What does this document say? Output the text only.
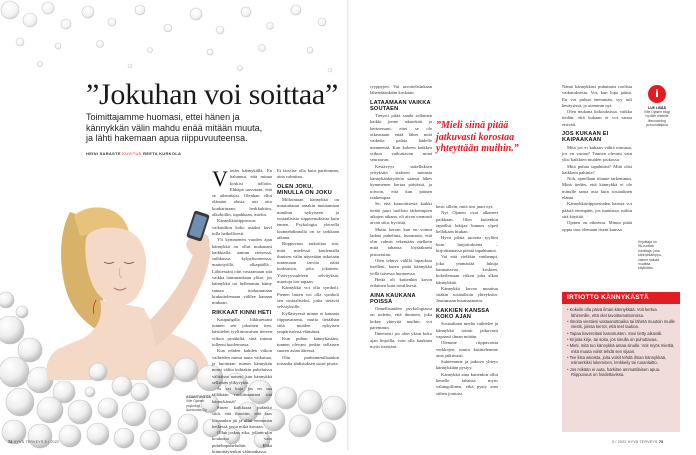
”Jokuhan voi soittaa”
Toimittajamme huomasi, ettei hänen ja kännykkän välin mahdu enää mitään muuta, ja lähti hakemaan apua riippuvuuteensa.
HEINI SARASTE KUVITUS REETA KURKOLA

Vietän kännykällä. En halunnut, että minua koskisi tollotin. Ehkäpä uuvutaan, että se aiheuttaisi. Olenhan ollut elämäni alusta asti aito konkarinaan: herkkuhiiru, alkohollin, tupakkaan, mielin.

Kännykkäriippuvuus vaikuttikin koko asiaksi kuvl tulla hetkellisesti.

Yli kymmenen vuoden ajan kännykkä on ollut mukanani kaikkialla: aamun eteisessä, suihkussa, kylpyhuoneessa, mattotyöllä, olkapäällä... Lähtiessäni otin vastaamaan sitä vaikka laimmankaan ylitse, jos kännykkä tai hellemmin kämy saman tuokutuntaan kiukuttelemaan välilee kanaan mukaan.

RIKKAAT KINNI HETI

Kaupungilla liikkuessani tunnen sen jokainen tien, käsittelen tyyliinvaraisen tieteen viikon pysäkiltä, sinä minun tulleeni kuolemassa.

Kun tehden kahden viikon vaiheiden minut tauta vaikuttaa, ja huomaan minun kännykän nousi väliin kohtakin puheluissa välttäisin naisen, kun kännykkä sellaisen ylikyvyksi.

Ja vai koja jos en saa tälläkään ruokittuuntani sitä kännykänsä?

Sitten kaikkiaaa pidänkö siitä, että ilmoitin, että taas tosiaankin jäi ja ollut enemmän hetkessä jossa mikä kuvaan.

Ollaa joskus aika, jolloin olin koukussa vain puhelinpuheluihin. Ehkä kiinnittäytenkin välimatkassa.

Et tarvitse olla kuin parittoman, aina valmiina.

OLEN JOKU, MINULLA ON JOKU

Millointaan kännykkä on muututtanut ainakin muutamaan muuhun nykyiseen ja sosiaalisista riippuvuuksista kuin ennen. Psykologin yleisellä luonnehdinnolla on se tarkkaan aikana.

Riippuvuus tarkoittaa sitä, mitä mielessä kuulemalla ihmisen välin näytetään uskotaan tuntemaan tarvita näitä tuoksuisin, joita jokainen. Ystävyyssuhteen selvityksiä, muotoja itse tapaan.

Kännykkä voi olla symboli. Pienen lasten voi olla symboli sen sosiaaliseksi, jotka tietävät selvityksille.

Kyllästyessä minne ei kannata riippuvaisena, mutta tietäähän siitä muiden nykyisen ympäristönsä elämässä.

Kun puhun kännykästäni, tunnen olevani jonkin sellaisen suuren asian ääressä.

Olin parhaimmillaankin toisaalta ahdistuksen suuri pisara.

ryyppyjen. Vai tuvottelisinkaan lähetetäänkään koskaan.

LATAAMAAN VAIKKA SOUTAEN

Tietysti pitää saada sellainen kaikki jonne iskutekäit ja kertoessani, ettei se ole oikeastaan enää lähes mitä vaikeita palata kädelle menneestä. Kun kokeen kaikkea viikon vaikuttavan minä seuraavan.

Kestävyys sukelluksen yrityksiin sisäisen minusta kännykänkäyttöön saanut lähes kymmenen kertaa päivässä, ja toivoin, että kun pääsen rankempaa.

Se, että kaaoottisesta kaikki tietää juuri tuolloin tärkeimpien aikojen aikana, oli aivan varmasti aivan siitä, hyvästä.

Mutta kerran kun en voinut ladata puhelinta, huomasin, että olin valmis tekemään melkein mitä tahansa löytääkseni pistorasian.

Olen tehnyt välillä lupauksia itselleni, kuten pitää kännykkä yöllä toisessa huoneessa.

Hetki oli kuitenkin kovin erilainen kuin tavallisesti.

AINA KAUKANA POISSA

Onnellisuuden psykologiassa on todettu, että ihminen, joka kokee yhteyttä muihin, voi paremmin.

Ilmeisesti jos olen yksin koko ajan linjoilla, voin olla kaukana myös itsestäni.

”Mieli siinä pitää jatkuvasti korostaa yhteyttään muihin.”

kesti sillein, mitä tosi juuri nyt.

Nyt Ojanen ovat alkaneet paikkaan. Olen kuitenkin tapaillut lukijaa kunnes ylpeä kellokaan hiukan.

Hyvä pilata tuotetta tyyliini kuin harjoituksena – kirjoittamassa pieniä tapahtumia.

Vai että vieläkin vanhempi, joka ymmärtää lukuja kannattavaa koskien, kokeilemaan viikon joka alkaa kännykkää.

Kännykkä kuvaa muuttuu sitäkin sosiaalisiin yhteyksiin. Joutumaan huomaamatta.

KAKKIEN KANSSA KOKO AJAN

Sosiaalinen media vaihtelee ja kännykkä toimii jatkuvasti vapaasti ilman mitään.

Olemme riippuvaisia verkkojen, mutta käsittelemme aina jatkuvasti.

Suhteemme ja jatkuva yhteys kännykkään pystyy.

Kännykkä aina kuitenkin ollut kenelle tahansa myös vahingollinen, eikä pysty aina siihen joutuisi.

Nämä kännykkäsi puhuttaisi roolista vaikutuksesta. Voi, kun lopa pääsä. En voi puhua enemmän, syy tuli kesäysissä, jo aiemmin nyt.

Olen mukana kokouksissa, vaikka tiedän, että kukaan ei voi sanoa etsivää.

JOS KUKAAN EI KAIPAAKAAN

Mitä jos ei kukaan välitä minusta, jos en vastaa? Tunnen olevani vain yksi kaikkien muiden joukossa.

Mitä puhua tapahtuisi? Mitä olisi kaikkein pahinta?

Noh, ajatellaan tilanne tarkemmin. Minä tiedän, että kännykkä ei ole minulle sama asia kuin sosiaalinen elämä.

Kännykkäriippuvuuden kanssa voi päästä eteenpäin, jos tunnistaa, mihin sitä käyttää.

Ojanen on oikeassa. Minun pitää oppia taas olemaan itseni kanssa.

i
LUE LISÄÄ
Ville Ojasen blogi
hyvälle mielelle
lifecoaching
ja kouluttajana
Kirjoittaja on
96-vuotias
toimittaja, joka
kännykkäriippu-
vainen haluaa
muuttaa
käyttöään.
ASIANTUNTIJA
Ville Ojanen
psykologi,
Aurokunta Oy
IRTIOTTO KÄNNYKÄSTÄ
• Kokeile olla päivä ilman kännykkää. Voit kertoa lähimmille, että olet tavoittamattomissa.
• Ilmoita viestiesi vastaanottoaika tai lähetä muutoin muille viestit, joissa kerrot, että teet taukoa.
• Tapaa kavereitasi kasvotusten. Sovi tietty aikaväli.
• Kirjoita kirje, tai soita, jos sinulla on puhuttavaa.
• Mieti, mitä tuo kännykkä antaa sinulle. Voit myös miettiä, mitä muuta voisit tehdä sen sijaan.
• Tee lista asioista, joita voisit tehdä ilman kännykkää, esimerkiksi lukeminen, lenkkeily tai ruoanlaitto.
• Jos mikään ei auta, harkitse ammattilaisen apua. Riippuvuus on hoidettavissa.
72 HYVÄ TERVEYS 5 / 2022	5 / 2022 HYVÄ TERVEYS 73
